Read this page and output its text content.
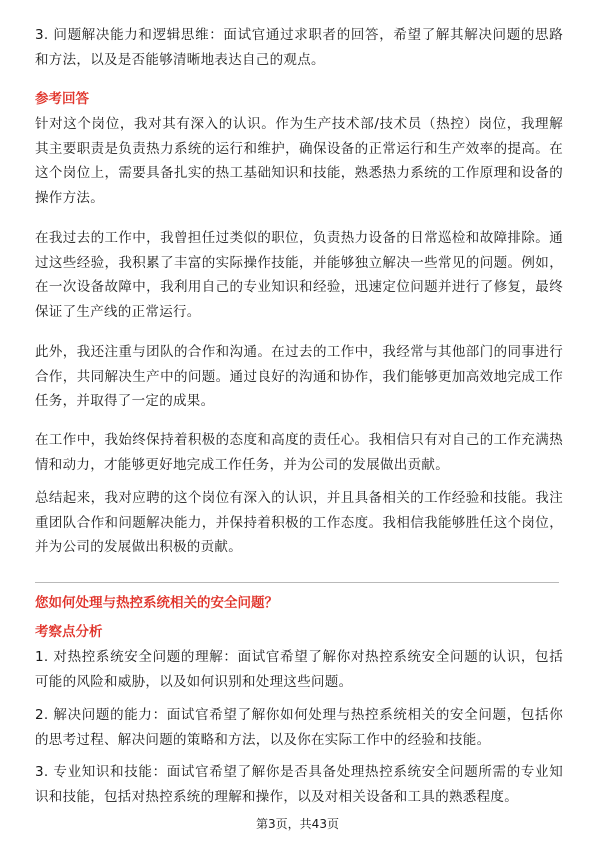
3. 问题解决能力和逻辑思维：面试官通过求职者的回答，希望了解其解决问题的思路和方法，以及是否能够清晰地表达自己的观点。

参考回答

针对这个岗位，我对其有深入的认识。作为生产技术部/技术员（热控）岗位，我理解其主要职责是负责热力系统的运行和维护，确保设备的正常运行和生产效率的提高。在这个岗位上，需要具备扎实的热工基础知识和技能，熟悉热力系统的工作原理和设备的操作方法。

在我过去的工作中，我曾担任过类似的职位，负责热力设备的日常巡检和故障排除。通过这些经验，我积累了丰富的实际操作技能，并能够独立解决一些常见的问题。例如，在一次设备故障中，我利用自己的专业知识和经验，迅速定位问题并进行了修复，最终保证了生产线的正常运行。

此外，我还注重与团队的合作和沟通。在过去的工作中，我经常与其他部门的同事进行合作，共同解决生产中的问题。通过良好的沟通和协作，我们能够更加高效地完成工作任务，并取得了一定的成果。

在工作中，我始终保持着积极的态度和高度的责任心。我相信只有对自己的工作充满热情和动力，才能够更好地完成工作任务，并为公司的发展做出贡献。

总结起来，我对应聘的这个岗位有深入的认识，并且具备相关的工作经验和技能。我注重团队合作和问题解决能力，并保持着积极的工作态度。我相信我能够胜任这个岗位，并为公司的发展做出积极的贡献。

您如何处理与热控系统相关的安全问题？
考察点分析

1. 对热控系统安全问题的理解：面试官希望了解你对热控系统安全问题的认识，包括可能的风险和威胁，以及如何识别和处理这些问题。

2. 解决问题的能力：面试官希望了解你如何处理与热控系统相关的安全问题，包括你的思考过程、解决问题的策略和方法，以及你在实际工作中的经验和技能。

3. 专业知识和技能：面试官希望了解你是否具备处理热控系统安全问题所需的专业知识和技能，包括对热控系统的理解和操作，以及对相关设备和工具的熟悉程度。

第3页，共43页
